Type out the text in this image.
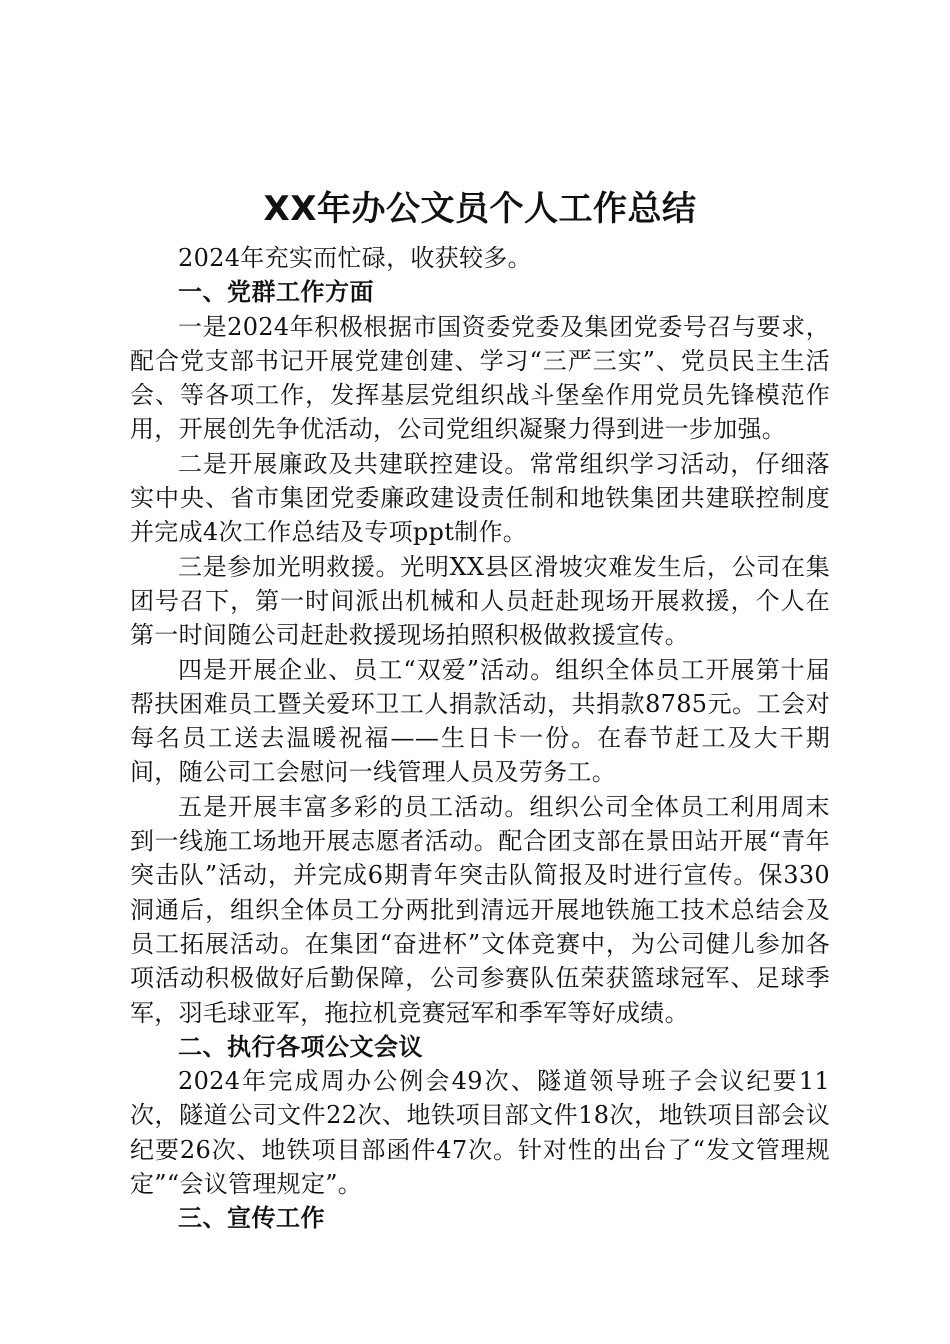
XX年办公文员个人工作总结

2024年充实而忙碌，收获较多。

一、党群工作方面

一是2024年积极根据市国资委党委及集团党委号召与要求，配合党支部书记开展党建创建、学习“三严三实”、党员民主生活会、等各项工作，发挥基层党组织战斗堡垒作用党员先锋模范作用，开展创先争优活动，公司党组织凝聚力得到进一步加强。

二是开展廉政及共建联控建设。常常组织学习活动，仔细落实中央、省市集团党委廉政建设责任制和地铁集团共建联控制度并完成4次工作总结及专项ppt制作。

三是参加光明救援。光明XX县区滑坡灾难发生后，公司在集团号召下，第一时间派出机械和人员赶赴现场开展救援，个人在第一时间随公司赶赴救援现场拍照积极做救援宣传。

四是开展企业、员工“双爱”活动。组织全体员工开展第十届帮扶困难员工暨关爱环卫工人捐款活动，共捐款8785元。工会对每名员工送去温暖祝福——生日卡一份。在春节赶工及大干期间，随公司工会慰问一线管理人员及劳务工。

五是开展丰富多彩的员工活动。组织公司全体员工利用周末到一线施工场地开展志愿者活动。配合团支部在景田站开展“青年突击队”活动，并完成6期青年突击队简报及时进行宣传。保330洞通后，组织全体员工分两批到清远开展地铁施工技术总结会及员工拓展活动。在集团“奋进杯”文体竞赛中，为公司健儿参加各项活动积极做好后勤保障，公司参赛队伍荣获篮球冠军、足球季军，羽毛球亚军，拖拉机竞赛冠军和季军等好成绩。

二、执行各项公文会议

2024年完成周办公例会49次、隧道领导班子会议纪要11次，隧道公司文件22次、地铁项目部文件18次，地铁项目部会议纪要26次、地铁项目部函件47次。针对性的出台了“发文管理规定”“会议管理规定”。

三、宣传工作
